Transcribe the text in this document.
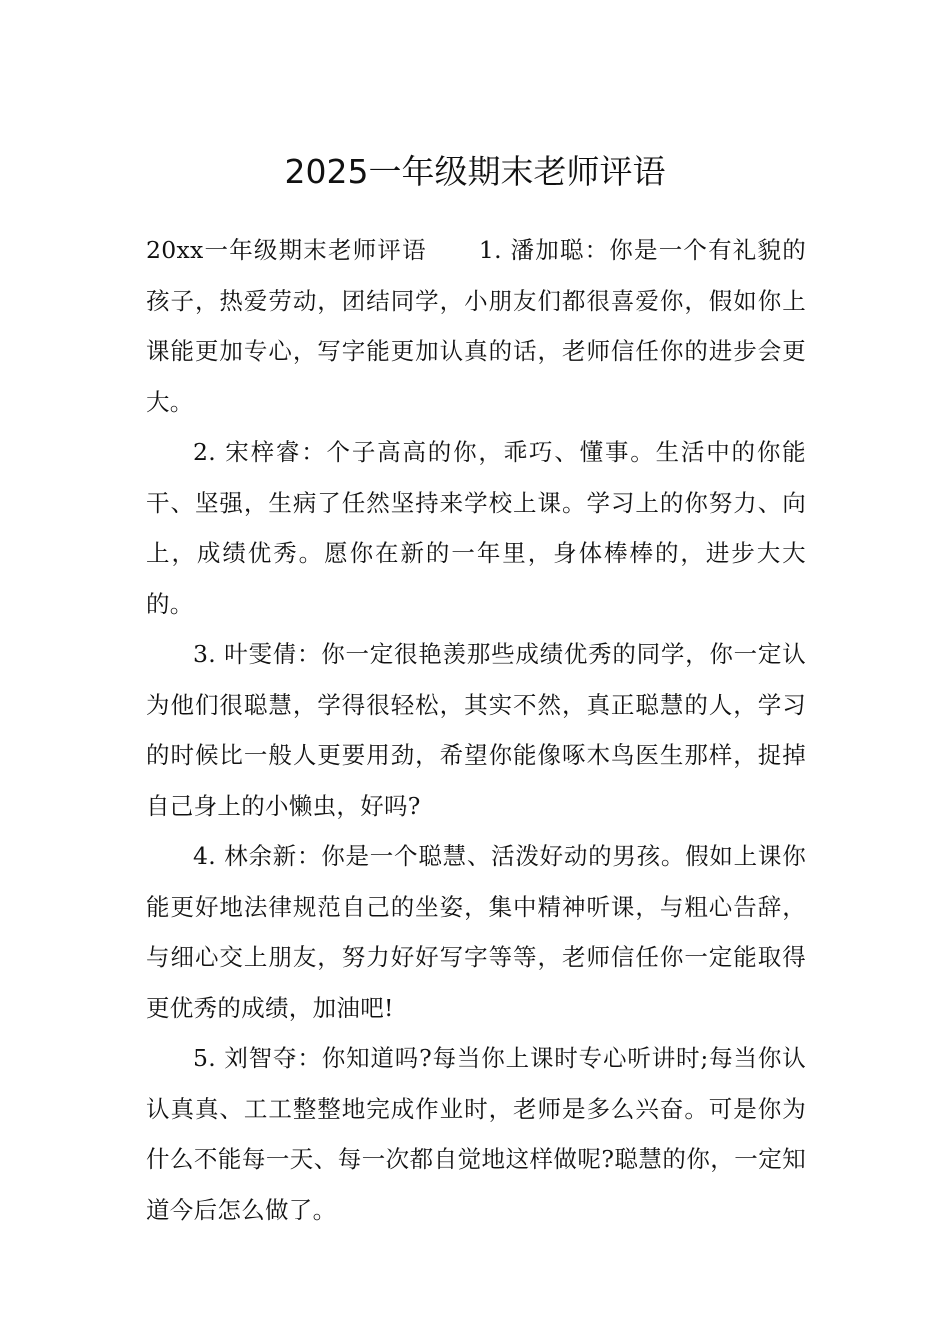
2025一年级期末老师评语

20xx一年级期末老师评语 1. 潘加聪：你是一个有礼貌的孩子，热爱劳动，团结同学，小朋友们都很喜爱你，假如你上课能更加专心，写字能更加认真的话，老师信任你的进步会更大。

2. 宋梓睿：个子高高的你，乖巧、懂事。生活中的你能干、坚强，生病了任然坚持来学校上课。学习上的你努力、向上，成绩优秀。愿你在新的一年里，身体棒棒的，进步大大的。

3. 叶雯倩：你一定很艳羡那些成绩优秀的同学，你一定认为他们很聪慧，学得很轻松，其实不然，真正聪慧的人，学习的时候比一般人更要用劲，希望你能像啄木鸟医生那样，捉掉自己身上的小懒虫，好吗?

4. 林余新：你是一个聪慧、活泼好动的男孩。假如上课你能更好地法律规范自己的坐姿，集中精神听课，与粗心告辞，与细心交上朋友，努力好好写字等等，老师信任你一定能取得更优秀的成绩，加油吧!

5. 刘智夺：你知道吗?每当你上课时专心听讲时;每当你认认真真、工工整整地完成作业时，老师是多么兴奋。可是你为什么不能每一天、每一次都自觉地这样做呢?聪慧的你，一定知道今后怎么做了。
